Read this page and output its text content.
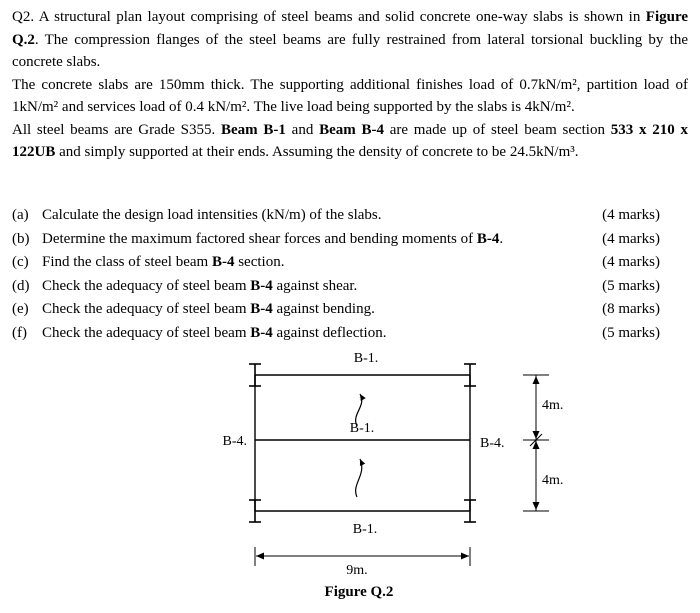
Q2. A structural plan layout comprising of steel beams and solid concrete one-way slabs is shown in Figure Q.2. The compression flanges of the steel beams are fully restrained from lateral torsional buckling by the concrete slabs.

The concrete slabs are 150mm thick. The supporting additional finishes load of 0.7kN/m², partition load of 1kN/m² and services load of 0.4 kN/m². The live load being supported by the slabs is 4kN/m².

All steel beams are Grade S355. Beam B-1 and Beam B-4 are made up of steel beam section 533 x 210 x 122UB and simply supported at their ends. Assuming the density of concrete to be 24.5kN/m³.

(a) Calculate the design load intensities (kN/m) of the slabs.	(4 marks)
(b) Determine the maximum factored shear forces and bending moments of B-4.	(4 marks)
(c) Find the class of steel beam B-4 section.	(4 marks)
(d) Check the adequacy of steel beam B-4 against shear.	(5 marks)
(e) Check the adequacy of steel beam B-4 against bending.	(8 marks)
(f)	Check the adequacy of steel beam B-4 against deflection.	(5 marks)
B-1.
B-1.
B-1.
B-4.	B-4.
4m.
4m.
9m.
Figure Q.2
